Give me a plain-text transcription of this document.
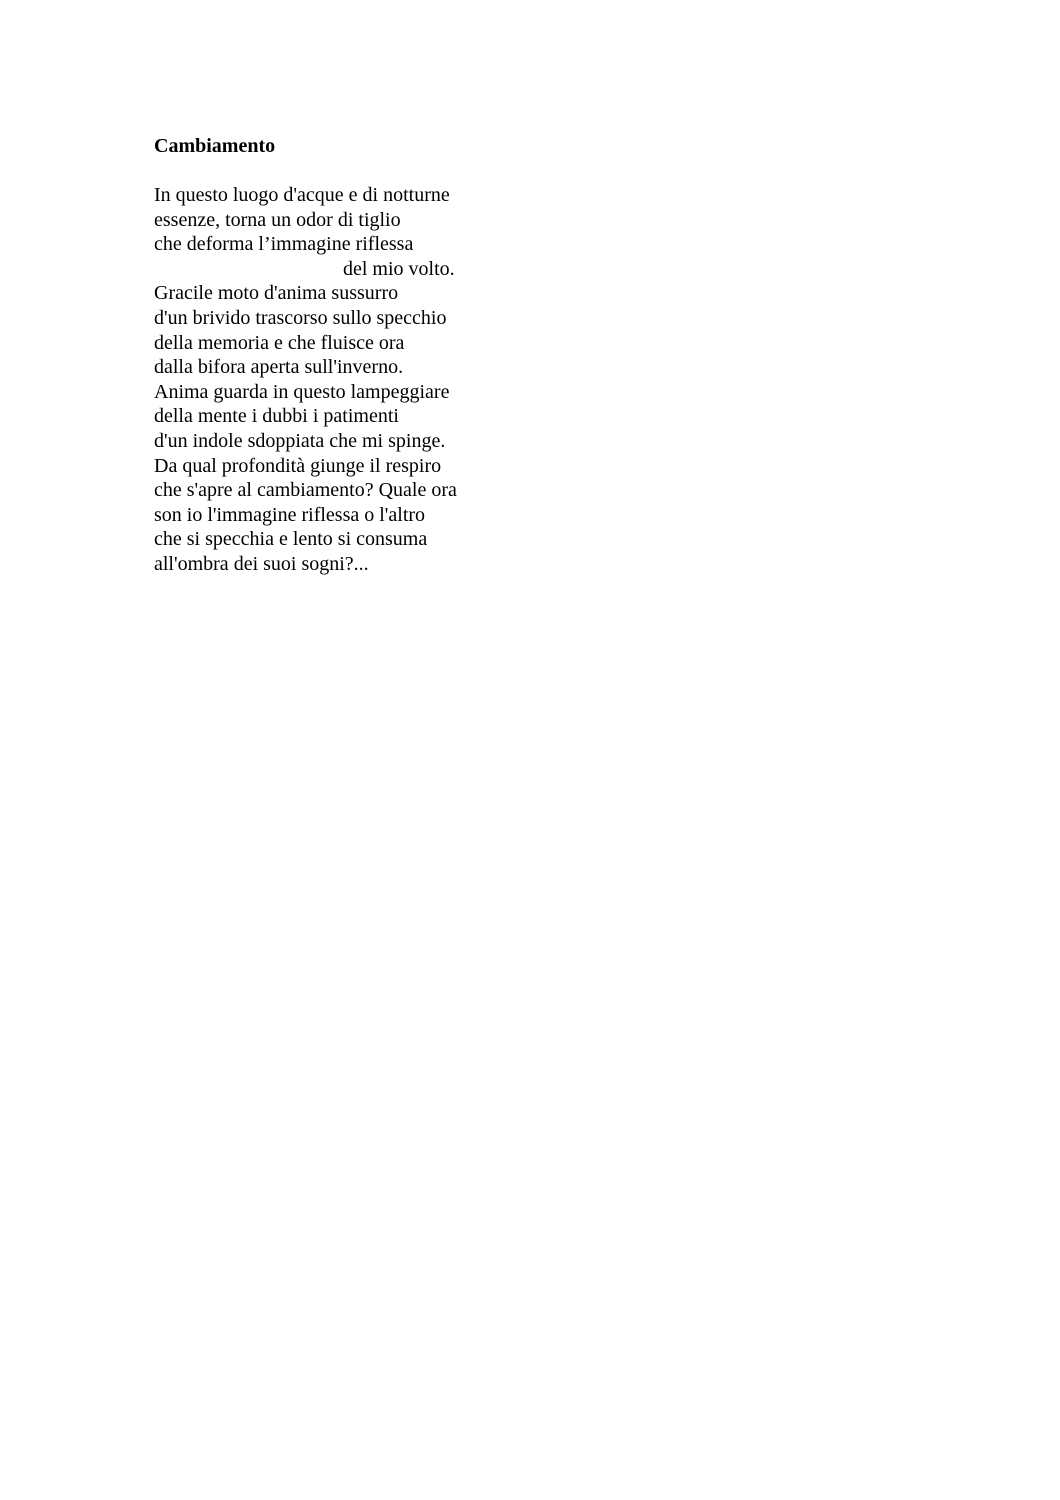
Cambiamento
In questo luogo d'acque e di notturne
essenze, torna un odor di tiglio
che deforma l’immagine riflessa
del mio volto.
Gracile moto d'anima sussurro
d'un brivido trascorso sullo specchio
della memoria e che fluisce ora
dalla bifora aperta sull'inverno.
Anima guarda in questo lampeggiare
della mente i dubbi i patimenti
d'un indole sdoppiata che mi spinge.
Da qual profondità giunge il respiro
che s'apre al cambiamento? Quale ora
son io l'immagine riflessa o l'altro
che si specchia e lento si consuma
all'ombra dei suoi sogni?...
